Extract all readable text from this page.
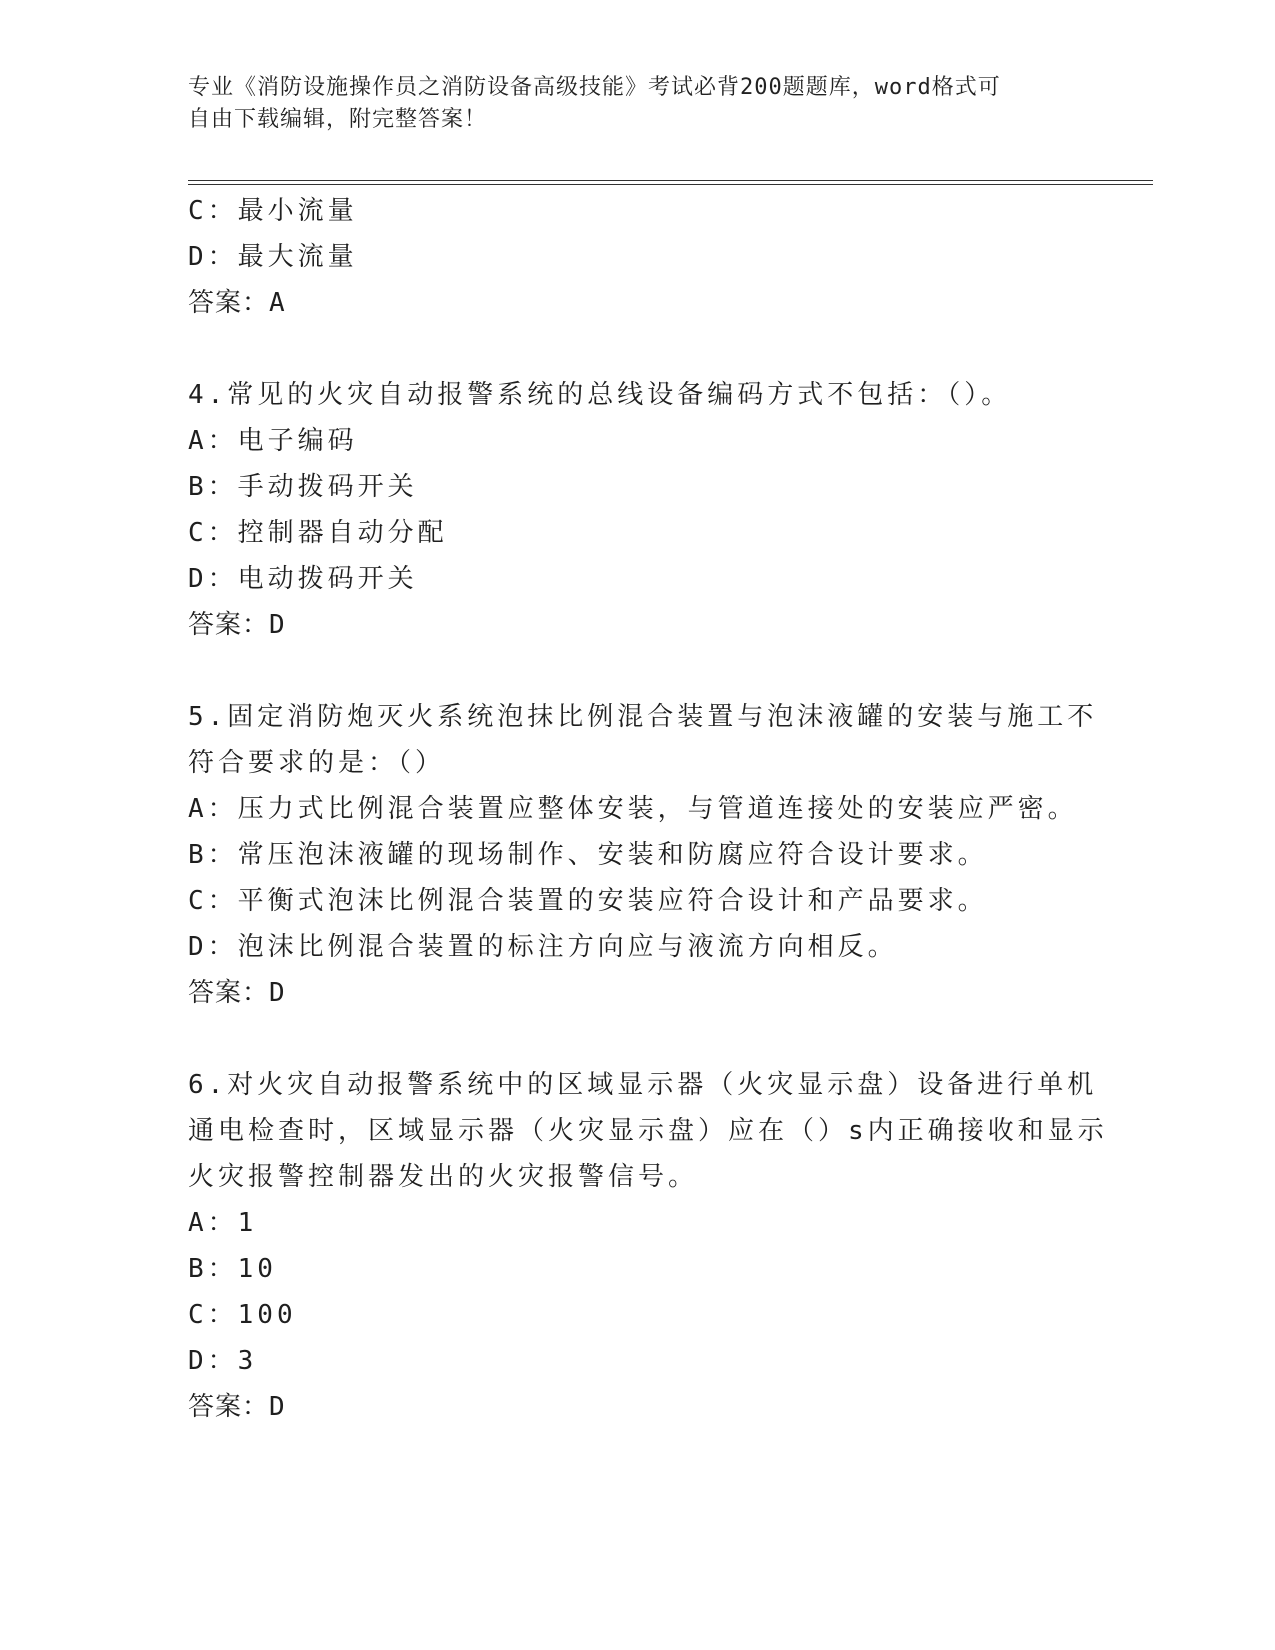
专业《消防设施操作员之消防设备高级技能》考试必背200题题库，word格式可
自由下载编辑，附完整答案！
C：最小流量
D：最大流量
答案：A
4.常见的火灾自动报警系统的总线设备编码方式不包括：（）。
A：电子编码
B：手动拨码开关
C：控制器自动分配
D：电动拨码开关
答案：D
5.固定消防炮灭火系统泡抹比例混合装置与泡沫液罐的安装与施工不
符合要求的是：（）
A：压力式比例混合装置应整体安装，与管道连接处的安装应严密。
B：常压泡沫液罐的现场制作、安装和防腐应符合设计要求。
C：平衡式泡沫比例混合装置的安装应符合设计和产品要求。
D：泡沫比例混合装置的标注方向应与液流方向相反。
答案：D
6.对火灾自动报警系统中的区域显示器（火灾显示盘）设备进行单机
通电检查时，区域显示器（火灾显示盘）应在（）s内正确接收和显示
火灾报警控制器发出的火灾报警信号。
A：1
B：10
C：100
D：3
答案：D
